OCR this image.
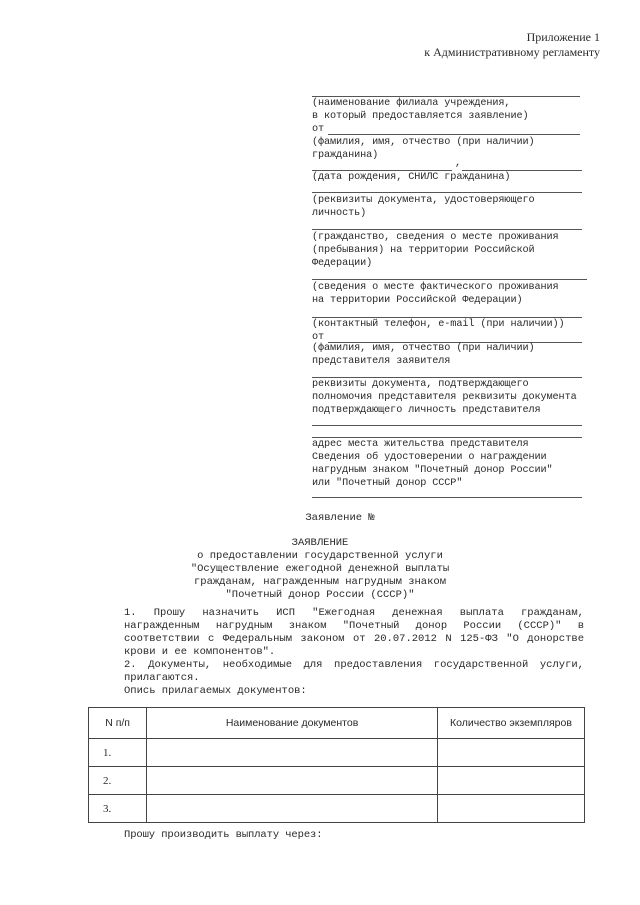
Приложение 1
к Административному регламенту
(наименование филиала учреждения,
в который предоставляется заявление)
от
(фамилия, имя, отчество (при наличии)
гражданина)
,
(дата рождения, СНИЛС гражданина)
(реквизиты документа, удостоверяющего
личность)
(гражданство, сведения о месте проживания
(пребывания) на территории Российской
Федерации)
(сведения о месте фактического проживания
на территории Российской Федерации)
(контактный телефон, e-mail (при наличии))
от
(фамилия, имя, отчество (при наличии)
представителя заявителя
реквизиты документа, подтверждающего
полномочия представителя реквизиты документа
подтверждающего личность представителя
адрес места жительства представителя
Сведения об удостоверении о награждении
нагрудным знаком "Почетный донор России"
или "Почетный донор СССР"
Заявление №
ЗАЯВЛЕНИЕ
о предоставлении государственной услуги
"Осуществление ежегодной денежной выплаты
гражданам, награжденным нагрудным знаком
"Почетный донор России (СССР)"
1. Прошу назначить ИСП "Ежегодная денежная выплата гражданам, награжденным нагрудным знаком "Почетный донор России (СССР)" в соответствии с Федеральным законом от 20.07.2012 N 125-ФЗ "О донорстве крови и ее компонентов".
2. Документы, необходимые для предоставления государственной услуги, прилагаются.
Опись прилагаемых документов:
N п/п	Наименование документов	Количество экземпляров
1.		
2.		
3.		
Прошу производить выплату через:
